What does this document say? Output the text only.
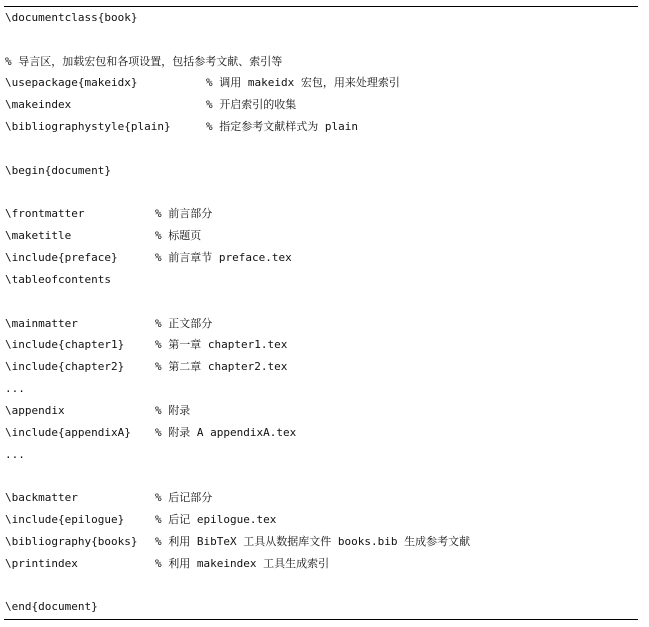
\documentclass{book}
% 导言区，加载宏包和各项设置，包括参考文献、索引等
\usepackage{makeidx}	% 调用 makeidx 宏包，用来处理索引
\makeindex	% 开启索引的收集
\bibliographystyle{plain}	% 指定参考文献样式为 plain
\begin{document}
\frontmatter	% 前言部分
\maketitle	% 标题页
\include{preface}	% 前言章节 preface.tex
\tableofcontents
\mainmatter	% 正文部分
\include{chapter1}	% 第一章 chapter1.tex
\include{chapter2}	% 第二章 chapter2.tex
...
\appendix	% 附录
\include{appendixA} % 附录 A appendixA.tex
...
\backmatter	% 后记部分
\include{epilogue}	% 后记 epilogue.tex
\bibliography{books} % 利用 BibTeX 工具从数据库文件 books.bib 生成参考文献
\printindex	% 利用 makeindex 工具生成索引
\end{document}
